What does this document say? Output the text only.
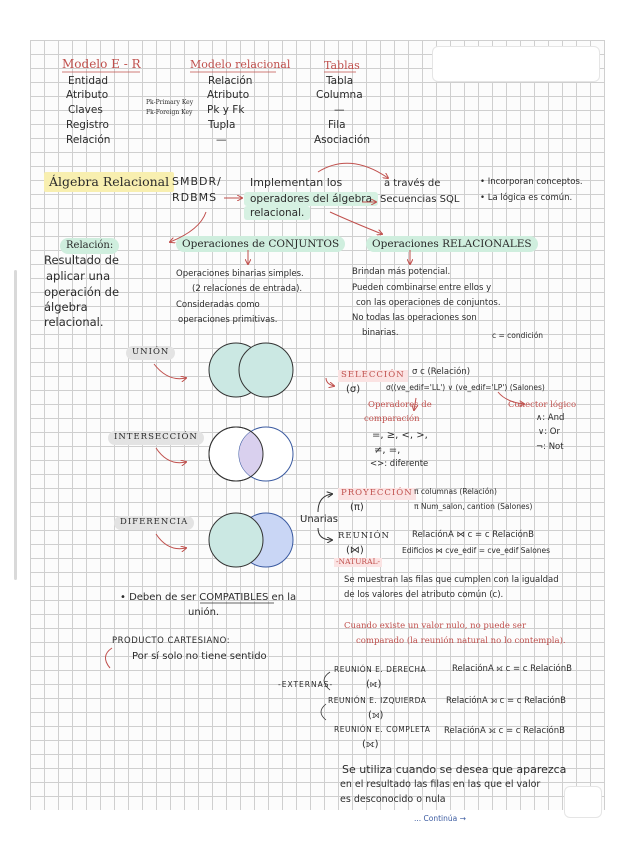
Modelo E - R
Entidad
Atributo
Claves
Registro
Relación
Modelo relacional
Relación
Atributo
Pk y Fk
Tupla
—
Pk-Primary Key
Fk-Foreign Key
Tablas
Tabla
Columna
—
Fila
Asociación
Álgebra Relacional SMBDR/
RDBMS
Implementan los
operadores del álgebra
relacional.
a través de
Secuencias SQL
• Incorporan conceptos.
• La lógica es común.
Relación:
Resultado de
aplicar una
operación de
álgebra
relacional.
Operaciones de CONJUNTOS
Operaciones binarias simples.
(2 relaciones de entrada).
Consideradas como
operaciones primitivas.
Operaciones RELACIONALES
Brindan más potencial.
Pueden combinarse entre ellos y
con las operaciones de conjuntos.
No todas las operaciones son
binarias.	c = condición
UNIÓN
INTERSECCIÓN
DIFERENCIA
• Deben de ser COMPATIBLES en la
unión.
PRODUCTO CARTESIANO:
Por sí solo no tiene sentido
SELECCIÓN
(σ)
σ c (Relación)
σ((ve_edif='LL') ∨ (ve_edif='LP') (Salones)
Operadores de
comparación
=, ≥, <, >,
≠, =,
<>: diferente
Conector lógico
∧: And
∨: Or
¬: Not
Unarias
PROYECCIÓN
(π)
π columnas (Relación)
π Num_salon, cantion (Salones)
REUNIÓN
(⋈)
-NATURAL-
RelaciónA ⋈ c = c RelaciónB
Edificios ⋈ cve_edif = cve_edif Salones
Se muestran las filas que cumplen con la igualdad
de los valores del atributo común (c).
Cuando existe un valor nulo, no puede ser
comparado (la reunión natural no lo contempla).
-EXTERNAS-
REUNIÓN E. DERECHA
(⟖)
RelaciónA ⟖ c = c RelaciónB
REUNIÓN E. IZQUIERDA
(⟕)
RelaciónA ⟕ c = c RelaciónB
REUNIÓN E. COMPLETA
(⟗)
RelaciónA ⟗ c = c RelaciónB
Se utiliza cuando se desea que aparezca
en el resultado las filas en las que el valor
es desconocido o nula
... Continúa →
